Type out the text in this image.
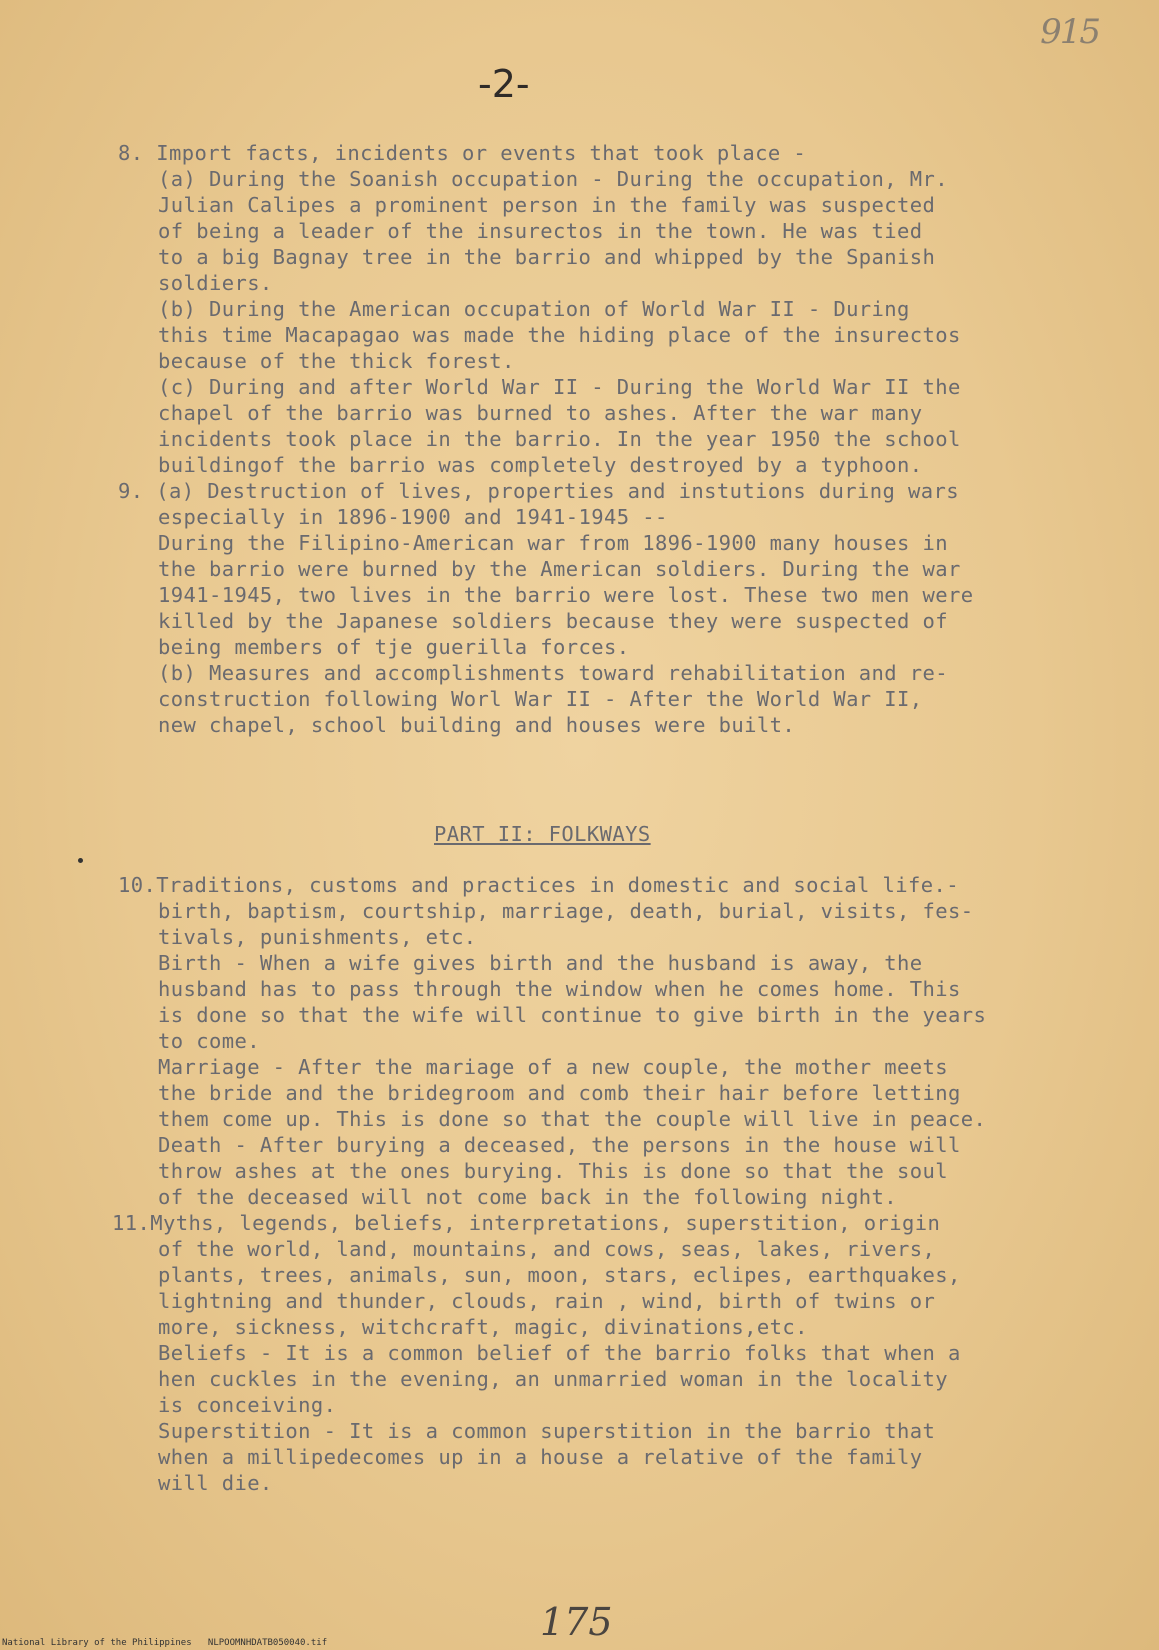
915
-2-
8. Import facts, incidents or events that took place -
(a) During the Soanish occupation - During the occupation, Mr.
Julian Calipes a prominent person in the family was suspected
of being a leader of the insurectos in the town. He was tied
to a big Bagnay tree in the barrio and whipped by the Spanish
soldiers.
(b) During the American occupation of World War II - During
this time Macapagao was made the hiding place of the insurectos
because of the thick forest.
(c) During and after World War II - During the World War II the
chapel of the barrio was burned to ashes. After the war many
incidents took place in the barrio. In the year 1950 the school
buildingof the barrio was completely destroyed by a typhoon.
9. (a) Destruction of lives, properties and instutions during wars
especially in 1896-1900 and 1941-1945 --
During the Filipino-American war from 1896-1900 many houses in
the barrio were burned by the American soldiers. During the war
1941-1945, two lives in the barrio were lost. These two men were
killed by the Japanese soldiers because they were suspected of
being members of tje guerilla forces.
(b) Measures and accomplishments toward rehabilitation and re-
construction following Worl War II - After the World War II,
new chapel, school building and houses were built.
PART II: FOLKWAYS
10.Traditions, customs and practices in domestic and social life.-
birth, baptism, courtship, marriage, death, burial, visits, fes-
tivals, punishments, etc.
Birth - When a wife gives birth and the husband is away, the
husband has to pass through the window when he comes home. This
is done so that the wife will continue to give birth in the years
to come.
Marriage - After the mariage of a new couple, the mother meets
the bride and the bridegroom and comb their hair before letting
them come up. This is done so that the couple will live in peace.
Death - After burying a deceased, the persons in the house will
throw ashes at the ones burying. This is done so that the soul
of the deceased will not come back in the following night.
11.Myths, legends, beliefs, interpretations, superstition, origin
of the world, land, mountains, and cows, seas, lakes, rivers,
plants, trees, animals, sun, moon, stars, eclipes, earthquakes,
lightning and thunder, clouds, rain , wind, birth of twins or
more, sickness, witchcraft, magic, divinations,etc.
Beliefs - It is a common belief of the barrio folks that when a
hen cuckles in the evening, an unmarried woman in the locality
is conceiving.
Superstition - It is a common superstition in the barrio that
when a millipedecomes up in a house a relative of the family
will die.
175
National Library of the Philippines   NLPOOMNHDATB050040.tif
